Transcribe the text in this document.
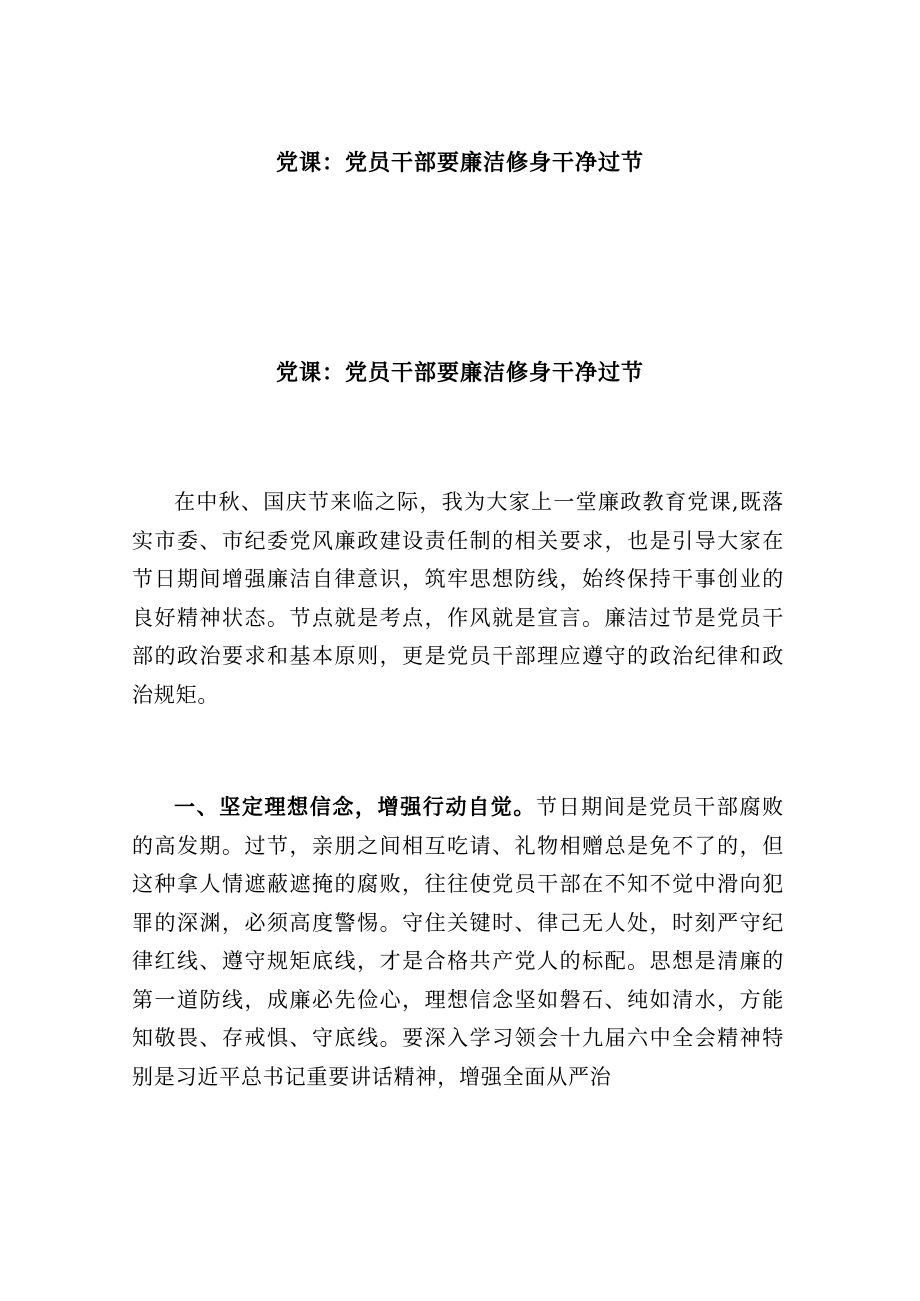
党课：党员干部要廉洁修身干净过节
党课：党员干部要廉洁修身干净过节

在中秋、国庆节来临之际，我为大家上一堂廉政教育党课,既落实市委、市纪委党风廉政建设责任制的相关要求，也是引导大家在节日期间增强廉洁自律意识，筑牢思想防线，始终保持干事创业的良好精神状态。节点就是考点，作风就是宣言。廉洁过节是党员干部的政治要求和基本原则，更是党员干部理应遵守的政治纪律和政治规矩。

一、坚定理想信念，增强行动自觉。节日期间是党员干部腐败的高发期。过节，亲朋之间相互吃请、礼物相赠总是免不了的，但这种拿人情遮蔽遮掩的腐败，往往使党员干部在不知不觉中滑向犯罪的深渊，必须高度警惕。守住关键时、律己无人处，时刻严守纪律红线、遵守规矩底线，才是合格共产党人的标配。思想是清廉的第一道防线，成廉必先俭心，理想信念坚如磐石、纯如清水，方能知敬畏、存戒惧、守底线。要深入学习领会十九届六中全会精神特别是习近平总书记重要讲话精神，增强全面从严治
